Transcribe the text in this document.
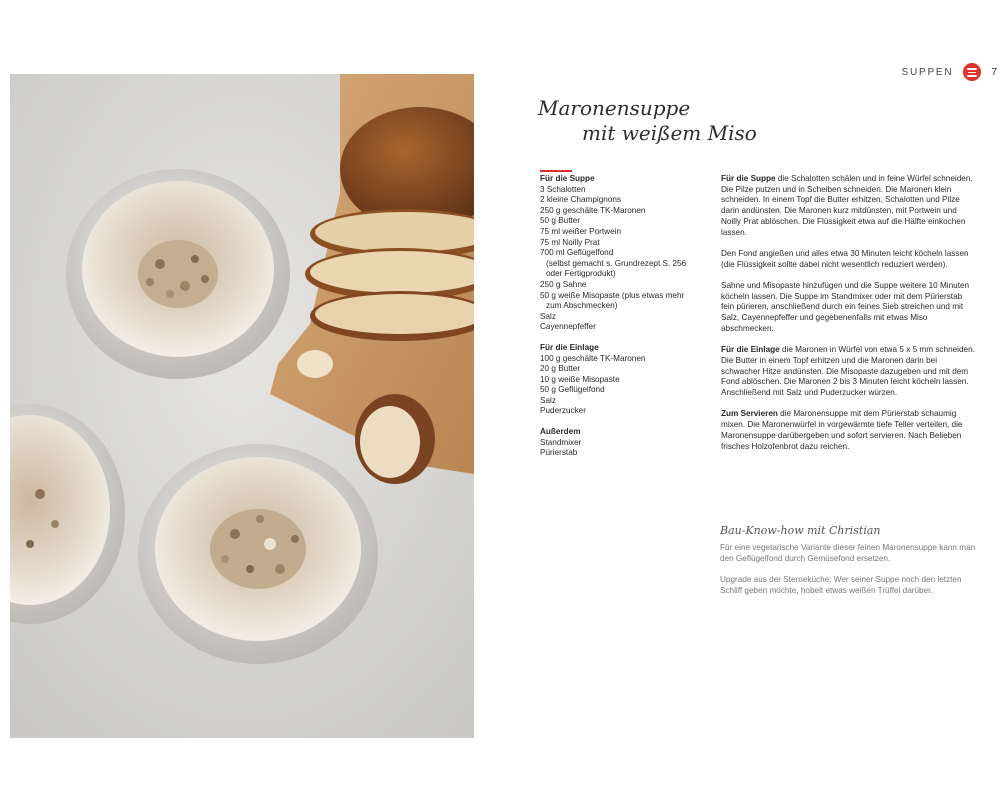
SUPPEN	7
Maronensuppe
mit weißem Miso
Für die Suppe
3 Schalotten
2 kleine Champignons
250 g geschälte TK-Maronen
50 g Butter
75 ml weißer Portwein
75 ml Noilly Prat
700 ml Geflügelfond
(selbst gemacht s. Grundrezept S. 256
oder Fertigprodukt)
250 g Sahne
50 g weiße Misopaste (plus etwas mehr
zum Abschmecken)
Salz
Cayennepfeffer
Für die Einlage
100 g geschälte TK-Maronen
20 g Butter
10 g weiße Misopaste
50 g Geflügelfond
Salz
Puderzucker
Außerdem
Standmixer
Pürierstab

Für die Suppe die Schalotten schälen und in feine Würfel schneiden. Die Pilze putzen und in Scheiben schneiden. Die Maronen klein schneiden. In einem Topf die Butter erhitzen, Schalotten und Pilze darin andünsten. Die Maronen kurz mitdünsten, mit Portwein und Noilly Prat ablöschen. Die Flüssigkeit etwa auf die Hälfte einkochen lassen.

Den Fond angießen und alles etwa 30 Minuten leicht köcheln lassen (die Flüssigkeit sollte dabei nicht wesentlich reduziert werden).

Sahne und Misopaste hinzufügen und die Suppe weitere 10 Minuten köcheln lassen. Die Suppe im Standmixer oder mit dem Pürierstab fein pürieren, anschließend durch ein feines Sieb streichen und mit Salz, Cayennepfeffer und gegebenenfalls mit etwas Miso abschmecken.

Für die Einlage die Maronen in Würfel von etwa 5 x 5 mm schneiden. Die Butter in einem Topf erhitzen und die Maronen darin bei schwacher Hitze andünsten. Die Misopaste dazugeben und mit dem Fond ablöschen. Die Maronen 2 bis 3 Minuten leicht köcheln lassen. Anschließend mit Salz und Puderzucker würzen.

Zum Servieren die Maronensuppe mit dem Pürierstab schaumig mixen. Die Maronenwürfel in vorgewärmte tiefe Teller verteilen, die Maronensuppe darübergeben und sofort servieren. Nach Belieben frisches Holzofenbrot dazu reichen.

Bau-Know-how mit Christian

Für eine vegetarische Variante dieser feinen Maronensuppe kann man den Geflügelfond durch Gemüsefond ersetzen.

Upgrade aus der Sterneküche: Wer seiner Suppe noch den letzten Schliff geben möchte, hobelt etwas weißen Trüffel darüber.
